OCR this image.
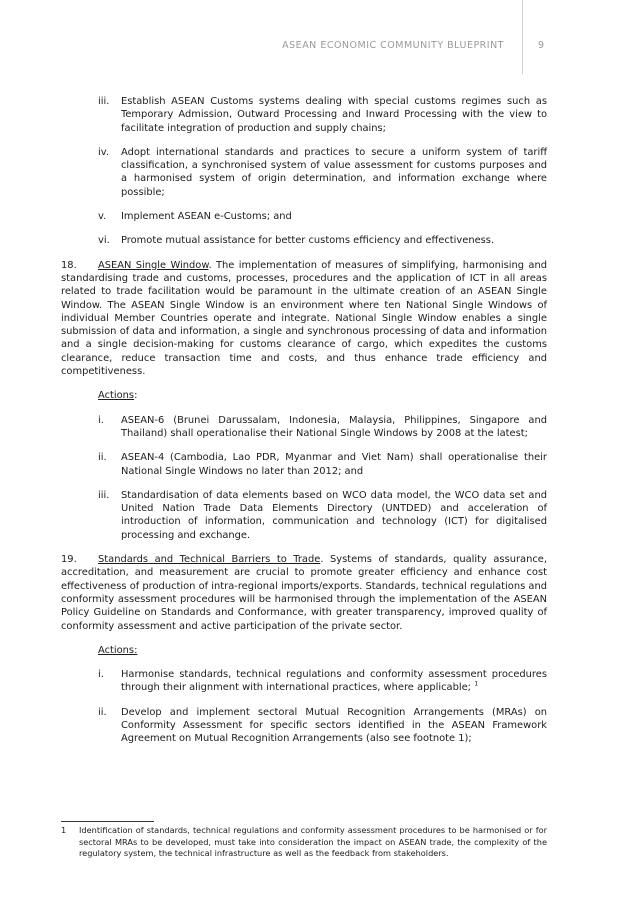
ASEAN ECONOMIC COMMUNITY BLUEPRINT	9
iii. Establish ASEAN Customs systems dealing with special customs regimes such as Temporary Admission, Outward Processing and Inward Processing with the view to facilitate integration of production and supply chains;
iv. Adopt international standards and practices to secure a uniform system of tariff classification, a synchronised system of value assessment for customs purposes and a harmonised system of origin determination, and information exchange where possible;
v. Implement ASEAN e-Customs; and
vi. Promote mutual assistance for better customs efficiency and effectiveness.

18. ASEAN Single Window. The implementation of measures of simplifying, harmonising and standardising trade and customs, processes, procedures and the application of ICT in all areas related to trade facilitation would be paramount in the ultimate creation of an ASEAN Single Window. The ASEAN Single Window is an environment where ten National Single Windows of individual Member Countries operate and integrate. National Single Window enables a single submission of data and information, a single and synchronous processing of data and information and a single decision-making for customs clearance of cargo, which expedites the customs clearance, reduce transaction time and costs, and thus enhance trade efficiency and competitiveness.

Actions:

i. ASEAN-6 (Brunei Darussalam, Indonesia, Malaysia, Philippines, Singapore and Thailand) shall operationalise their National Single Windows by 2008 at the latest;
ii. ASEAN-4 (Cambodia, Lao PDR, Myanmar and Viet Nam) shall operationalise their National Single Windows no later than 2012; and
iii. Standardisation of data elements based on WCO data model, the WCO data set and United Nation Trade Data Elements Directory (UNTDED) and acceleration of introduction of information, communication and technology (ICT) for digitalised processing and exchange.

19. Standards and Technical Barriers to Trade. Systems of standards, quality assurance, accreditation, and measurement are crucial to promote greater efficiency and enhance cost effectiveness of production of intra-regional imports/exports. Standards, technical regulations and conformity assessment procedures will be harmonised through the implementation of the ASEAN Policy Guideline on Standards and Conformance, with greater transparency, improved quality of conformity assessment and active participation of the private sector.

Actions:

i. Harmonise standards, technical regulations and conformity assessment procedures through their alignment with international practices, where applicable; $^1$
ii. Develop and implement sectoral Mutual Recognition Arrangements (MRAs) on Conformity Assessment for specific sectors identified in the ASEAN Framework Agreement on Mutual Recognition Arrangements (also see footnote 1);
1 Identification of standards, technical regulations and conformity assessment procedures to be harmonised or for sectoral MRAs to be developed, must take into consideration the impact on ASEAN trade, the complexity of the regulatory system, the technical infrastructure as well as the feedback from stakeholders.
